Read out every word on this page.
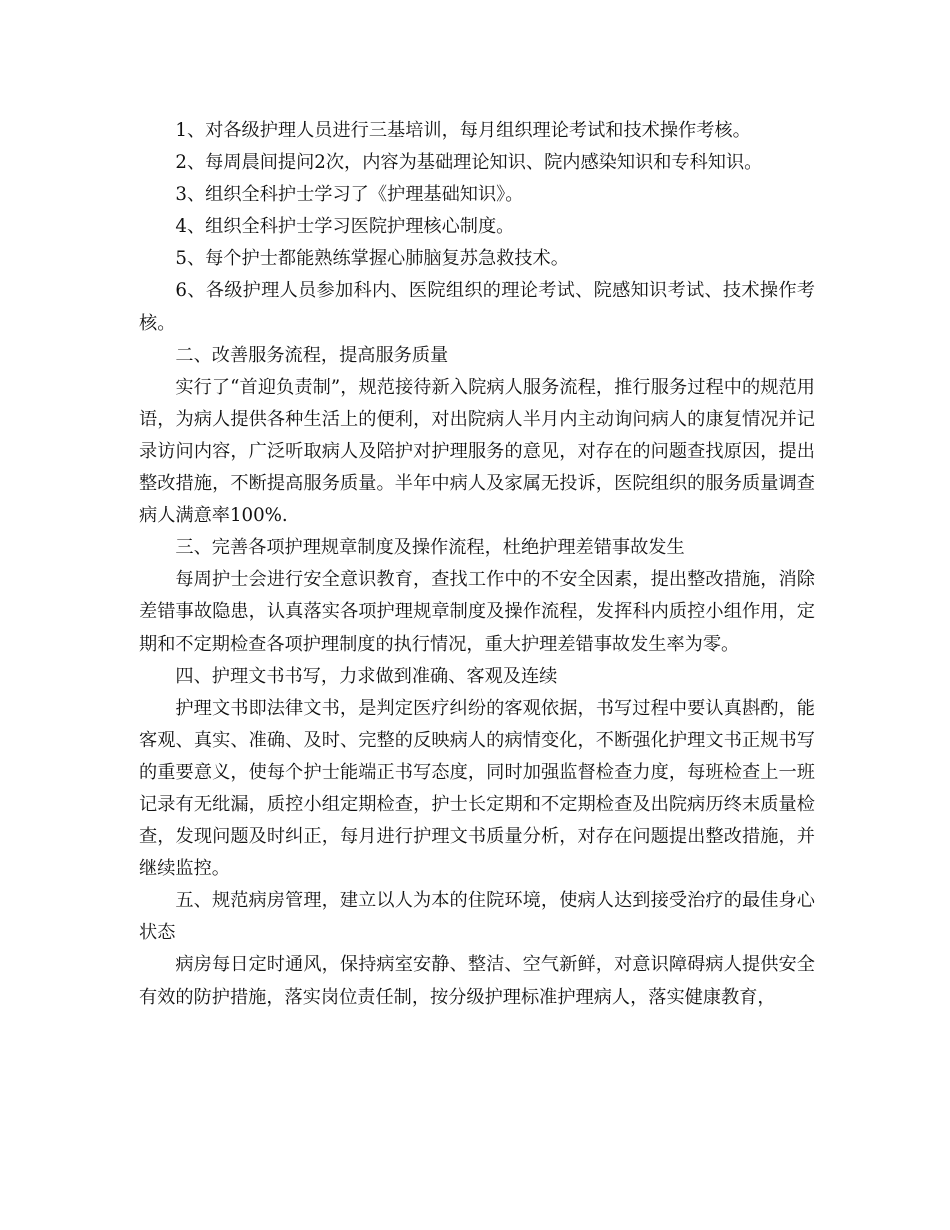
1、对各级护理人员进行三基培训，每月组织理论考试和技术操作考核。

2、每周晨间提问2次，内容为基础理论知识、院内感染知识和专科知识。

3、组织全科护士学习了《护理基础知识》。

4、组织全科护士学习医院护理核心制度。

5、每个护士都能熟练掌握心肺脑复苏急救技术。

6、各级护理人员参加科内、医院组织的理论考试、院感知识考试、技术操作考核。

二、改善服务流程，提高服务质量

实行了“首迎负责制”，规范接待新入院病人服务流程，推行服务过程中的规范用语，为病人提供各种生活上的便利，对出院病人半月内主动询问病人的康复情况并记录访问内容，广泛听取病人及陪护对护理服务的意见，对存在的问题查找原因，提出整改措施，不断提高服务质量。半年中病人及家属无投诉，医院组织的服务质量调查病人满意率100%.

三、完善各项护理规章制度及操作流程，杜绝护理差错事故发生

每周护士会进行安全意识教育，查找工作中的不安全因素，提出整改措施，消除差错事故隐患，认真落实各项护理规章制度及操作流程，发挥科内质控小组作用，定期和不定期检查各项护理制度的执行情况，重大护理差错事故发生率为零。

四、护理文书书写，力求做到准确、客观及连续

护理文书即法律文书，是判定医疗纠纷的客观依据，书写过程中要认真斟酌，能客观、真实、准确、及时、完整的反映病人的病情变化，不断强化护理文书正规书写的重要意义，使每个护士能端正书写态度，同时加强监督检查力度，每班检查上一班记录有无纰漏，质控小组定期检查，护士长定期和不定期检查及出院病历终末质量检查，发现问题及时纠正，每月进行护理文书质量分析，对存在问题提出整改措施，并继续监控。

五、规范病房管理，建立以人为本的住院环境，使病人达到接受治疗的最佳身心状态

病房每日定时通风，保持病室安静、整洁、空气新鲜，对意识障碍病人提供安全有效的防护措施，落实岗位责任制，按分级护理标准护理病人，落实健康教育，
